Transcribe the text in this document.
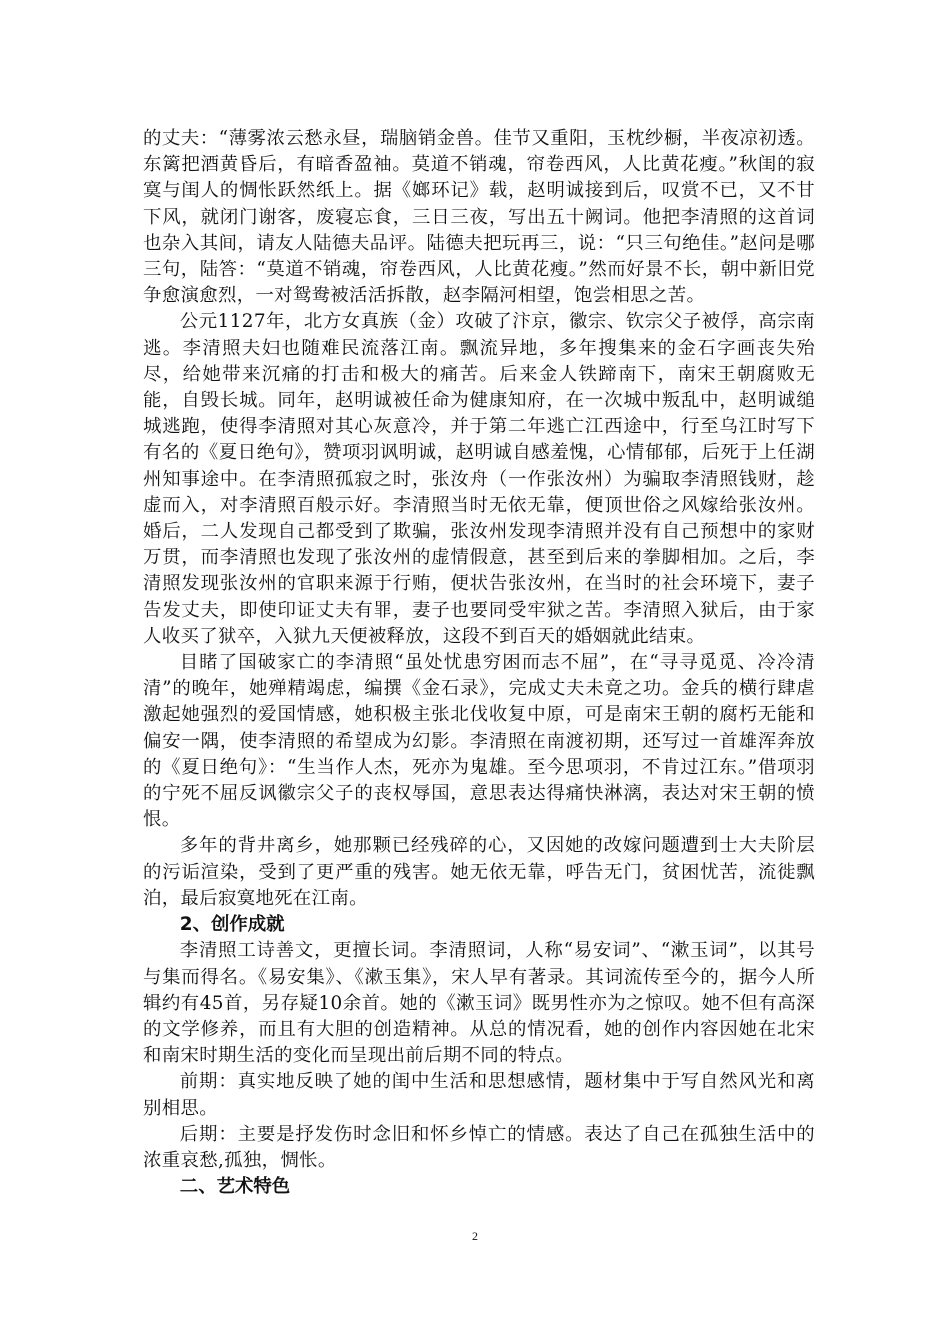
的丈夫：“薄雾浓云愁永昼，瑞脑销金兽。佳节又重阳，玉枕纱橱，半夜凉初透。东篱把酒黄昏后，有暗香盈袖。莫道不销魂，帘卷西风，人比黄花瘦。”秋闺的寂寞与闺人的惆怅跃然纸上。据《嫏环记》载，赵明诚接到后，叹赏不已，又不甘下风，就闭门谢客，废寝忘食，三日三夜，写出五十阙词。他把李清照的这首词也杂入其间，请友人陆德夫品评。陆德夫把玩再三，说：“只三句绝佳。”赵问是哪三句，陆答：“莫道不销魂，帘卷西风，人比黄花瘦。”然而好景不长，朝中新旧党争愈演愈烈，一对鸳鸯被活活拆散，赵李隔河相望，饱尝相思之苦。

公元1127年，北方女真族（金）攻破了汴京，徽宗、钦宗父子被俘，高宗南逃。李清照夫妇也随难民流落江南。飘流异地，多年搜集来的金石字画丧失殆尽，给她带来沉痛的打击和极大的痛苦。后来金人铁蹄南下，南宋王朝腐败无能，自毁长城。同年，赵明诚被任命为健康知府，在一次城中叛乱中，赵明诚缒城逃跑，使得李清照对其心灰意冷，并于第二年逃亡江西途中，行至乌江时写下有名的《夏日绝句》，赞项羽讽明诚，赵明诚自感羞愧，心情郁郁，后死于上任湖州知事途中。在李清照孤寂之时，张汝舟（一作张汝州）为骗取李清照钱财，趁虚而入，对李清照百般示好。李清照当时无依无靠，便顶世俗之风嫁给张汝州。婚后，二人发现自己都受到了欺骗，张汝州发现李清照并没有自己预想中的家财万贯，而李清照也发现了张汝州的虚情假意，甚至到后来的拳脚相加。之后，李清照发现张汝州的官职来源于行贿，便状告张汝州，在当时的社会环境下，妻子告发丈夫，即使印证丈夫有罪，妻子也要同受牢狱之苦。李清照入狱后，由于家人收买了狱卒，入狱九天便被释放，这段不到百天的婚姻就此结束。

目睹了国破家亡的李清照“虽处忧患穷困而志不屈”，在“寻寻觅觅、冷冷清清”的晚年，她殚精竭虑，编撰《金石录》，完成丈夫未竟之功。金兵的横行肆虐激起她强烈的爱国情感，她积极主张北伐收复中原，可是南宋王朝的腐朽无能和偏安一隅，使李清照的希望成为幻影。李清照在南渡初期，还写过一首雄浑奔放的《夏日绝句》：“生当作人杰，死亦为鬼雄。至今思项羽，不肯过江东。”借项羽的宁死不屈反讽徽宗父子的丧权辱国，意思表达得痛快淋漓，表达对宋王朝的愤恨。

多年的背井离乡，她那颗已经残碎的心，又因她的改嫁问题遭到士大夫阶层的污诟渲染，受到了更严重的残害。她无依无靠，呼告无门，贫困忧苦，流徙飘泊，最后寂寞地死在江南。

2、创作成就

李清照工诗善文，更擅长词。李清照词，人称“易安词”、“漱玉词”，以其号与集而得名。《易安集》、《漱玉集》，宋人早有著录。其词流传至今的，据今人所辑约有45首，另存疑10余首。她的《漱玉词》既男性亦为之惊叹。她不但有高深的文学修养，而且有大胆的创造精神。从总的情况看，她的创作内容因她在北宋和南宋时期生活的变化而呈现出前后期不同的特点。

前期：真实地反映了她的闺中生活和思想感情，题材集中于写自然风光和离别相思。

后期：主要是抒发伤时念旧和怀乡悼亡的情感。表达了自己在孤独生活中的浓重哀愁,孤独，惆怅。

二、艺术特色

2
